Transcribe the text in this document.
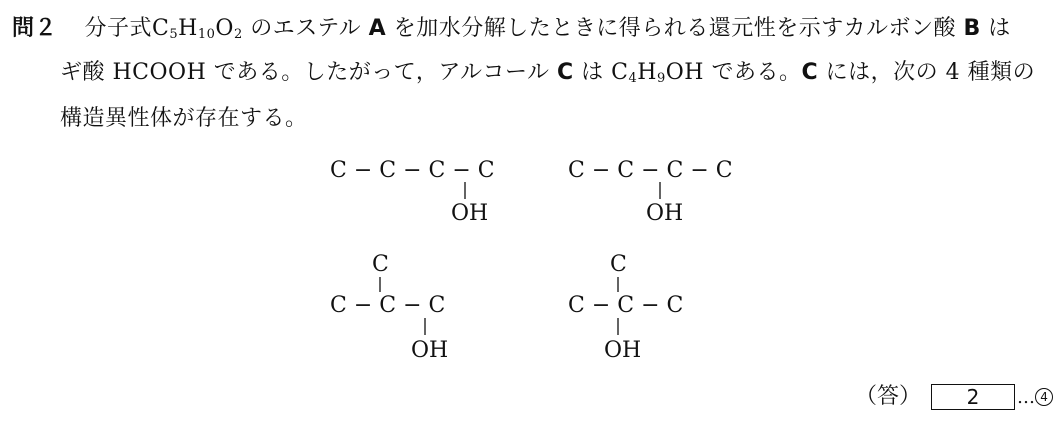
問２ 分子式$C_5H_{10}O_2$ のエステル A を加水分解したときに得られる還元性を示すカルボン酸 B は
ギ酸 HCOOH である。したがって，アルコール C は $C_4H_9OH$ である。C には，次の 4 種類の
構造異性体が存在する。
C − C − C − C
OH
C − C − C − C
OH
C
C − C − C
OH
C
C − C − C
OH
（答） 2 … 4
